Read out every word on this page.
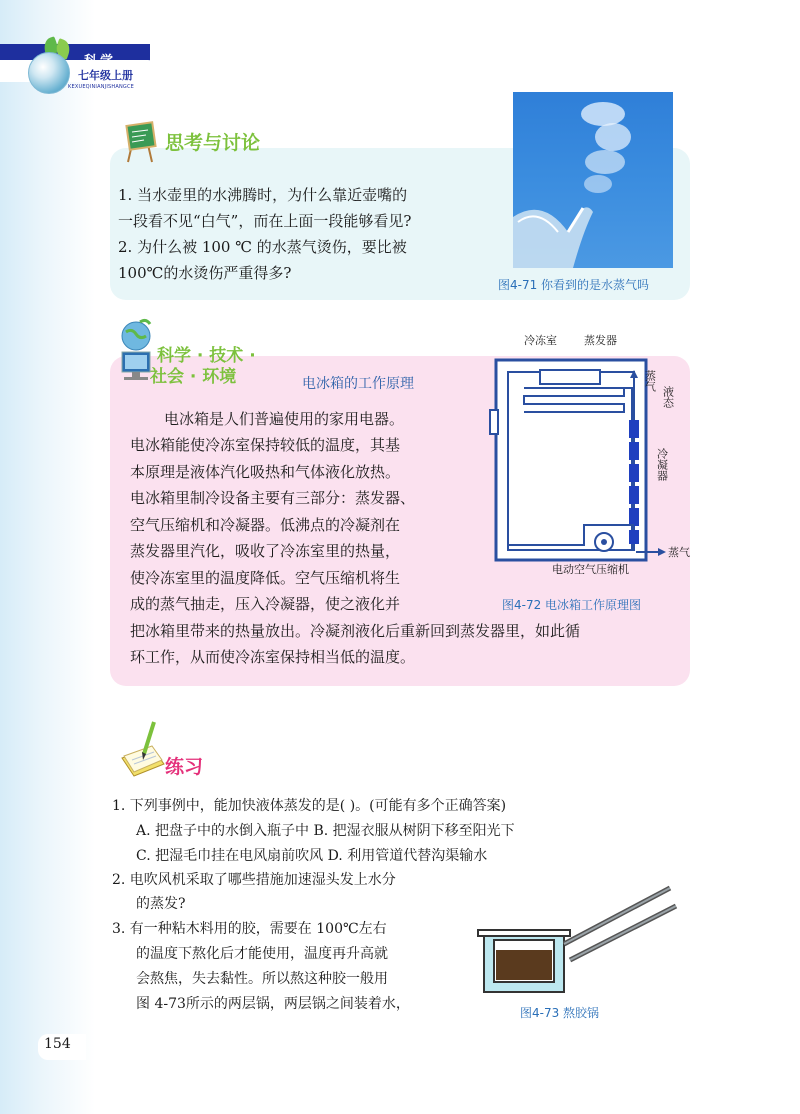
科学
七年级上册
KEXUEQINIANJISHANGCE
思考与讨论
1. 当水壶里的水沸腾时，为什么靠近壶嘴的
一段看不见“白气”，而在上面一段能够看见?
2. 为什么被 100 ℃ 的水蒸气烫伤，要比被
100℃的水烫伤严重得多?
图4-71 你看到的是水蒸气吗
科学 · 技术 ·
社会 · 环境	电冰箱的工作原理
电冰箱是人们普遍使用的家用电器。
电冰箱能使冷冻室保持较低的温度，其基
本原理是液体汽化吸热和气体液化放热。
电冰箱里制冷设备主要有三部分：蒸发器、
空气压缩机和冷凝器。低沸点的冷凝剂在
蒸发器里汽化，吸收了冷冻室里的热量，
使冷冻室里的温度降低。空气压缩机将生
成的蒸气抽走，压入冷凝器，使之液化并
把冰箱里带来的热量放出。冷凝剂液化后重新回到蒸发器里，如此循
环工作，从而使冷冻室保持相当低的温度。
冷冻室 蒸发器
蒸气
液态
冷凝器
蒸气
电动空气压缩机
图4-72 电冰箱工作原理图
练习
1. 下列事例中，能加快液体蒸发的是( )。(可能有多个正确答案)
A. 把盘子中的水倒入瓶子中 B. 把湿衣服从树阴下移至阳光下
C. 把湿毛巾挂在电风扇前吹风 D. 利用管道代替沟渠输水
2. 电吹风机采取了哪些措施加速湿头发上水分
的蒸发?
3. 有一种粘木料用的胶，需要在 100℃左右
的温度下熬化后才能使用，温度再升高就
会熬焦，失去黏性。所以熬这种胶一般用
图 4-73所示的两层锅，两层锅之间装着水，
图4-73 熬胶锅
154
